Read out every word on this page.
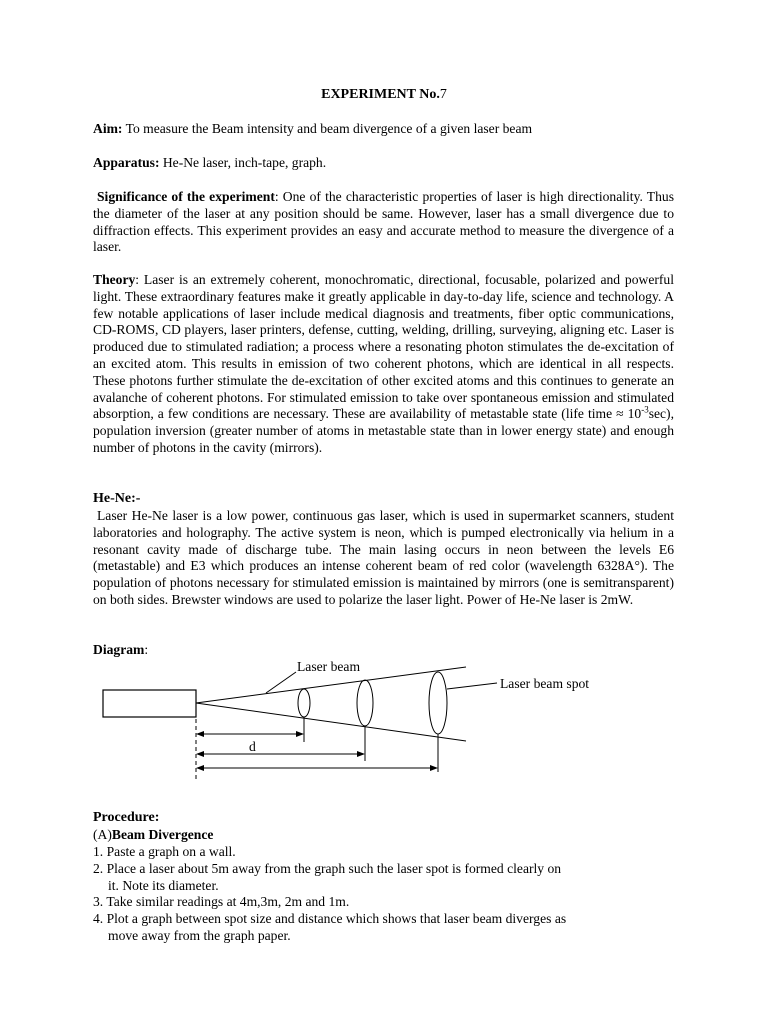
EXPERIMENT No.7

Aim: To measure the Beam intensity and beam divergence of a given laser beam

Apparatus: He-Ne laser, inch-tape, graph.

Significance of the experiment: One of the characteristic properties of laser is high directionality. Thus the diameter of the laser at any position should be same. However, laser has a small divergence due to diffraction effects. This experiment provides an easy and accurate method to measure the divergence of a laser.

Theory: Laser is an extremely coherent, monochromatic, directional, focusable, polarized and powerful light. These extraordinary features make it greatly applicable in day-to-day life, science and technology. A few notable applications of laser include medical diagnosis and treatments, fiber optic communications, CD-ROMS, CD players, laser printers, defense, cutting, welding, drilling, surveying, aligning etc. Laser is produced due to stimulated radiation; a process where a resonating photon stimulates the de-excitation of an excited atom. This results in emission of two coherent photons, which are identical in all respects. These photons further stimulate the de-excitation of other excited atoms and this continues to generate an avalanche of coherent photons. For stimulated emission to take over spontaneous emission and stimulated absorption, a few conditions are necessary. These are availability of metastable state (life time ≈ $10^{-3}\sec$), population inversion (greater number of atoms in metastable state than in lower energy state) and enough number of photons in the cavity (mirrors).

He-Ne:-

Laser He-Ne laser is a low power, continuous gas laser, which is used in supermarket scanners, student laboratories and holography. The active system is neon, which is pumped electronically via helium in a resonant cavity made of discharge tube. The main lasing occurs in neon between the levels E6 (metastable) and E3 which produces an intense coherent beam of red color (wavelength 6328A°). The population of photons necessary for stimulated emission is maintained by mirrors (one is semitransparent) on both sides. Brewster windows are used to polarize the laser light. Power of He-Ne laser is 2mW.

Diagram:

Laser beam
Laser beam spot
d

Procedure:

(A)Beam Divergence

1. Paste a graph on a wall.

2. Place a laser about 5m away from the graph such the laser spot is formed clearly on

it. Note its diameter.

3. Take similar readings at 4m,3m, 2m and 1m.

4. Plot a graph between spot size and distance which shows that laser beam diverges as

move away from the graph paper.
